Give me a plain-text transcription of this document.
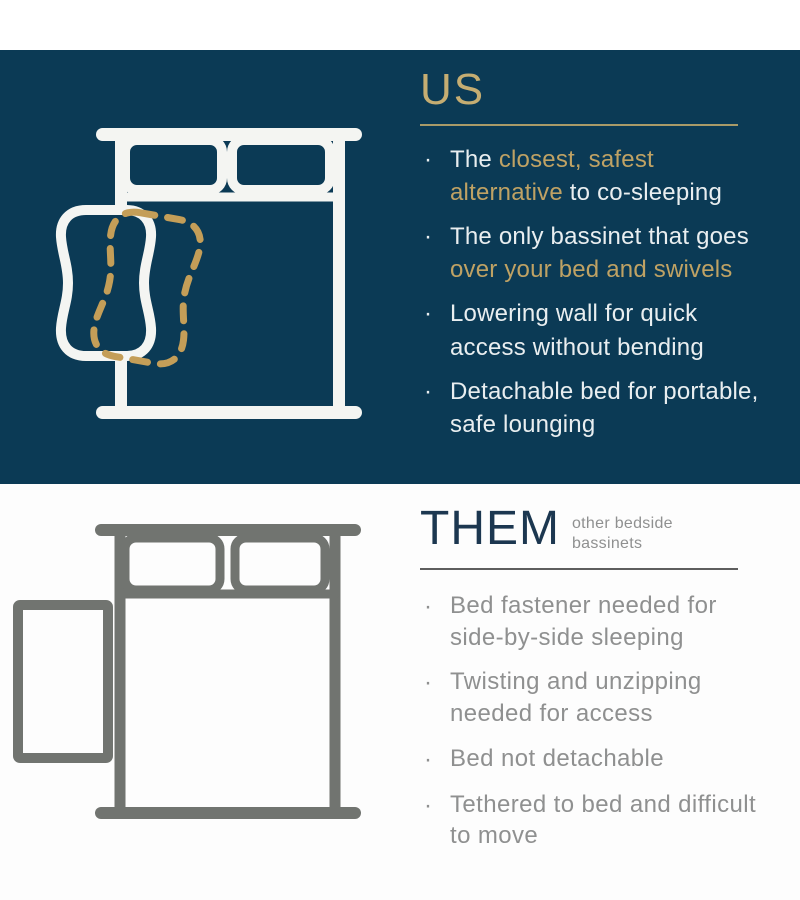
US
· The closest, safest alternative to co-sleeping
· The only bassinet that goes over your bed and swivels
· Lowering wall for quick access without bending
· Detachable bed for portable, safe lounging
THEM other bedside bassinets

· Bed fastener needed for side-by-side sleeping
· Twisting and unzipping needed for access
· Bed not detachable
· Tethered to bed and difficult to move
